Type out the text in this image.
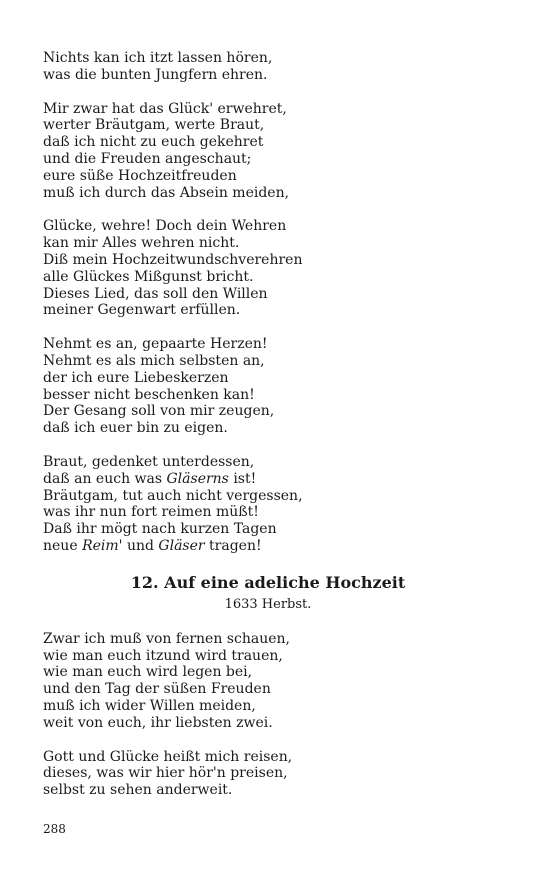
Nichts kan ich itzt lassen hören,
was die bunten Jungfern ehren.
Mir zwar hat das Glück' erwehret,
werter Bräutgam, werte Braut,
daß ich nicht zu euch gekehret
und die Freuden angeschaut;
eure süße Hochzeitfreuden
muß ich durch das Absein meiden,
Glücke, wehre! Doch dein Wehren
kan mir Alles wehren nicht.
Diß mein Hochzeitwundschverehren
alle Glückes Mißgunst bricht.
Dieses Lied, das soll den Willen
meiner Gegenwart erfüllen.
Nehmt es an, gepaarte Herzen!
Nehmt es als mich selbsten an,
der ich eure Liebeskerzen
besser nicht beschenken kan!
Der Gesang soll von mir zeugen,
daß ich euer bin zu eigen.
Braut, gedenket unterdessen,
daß an euch was Gläserns ist!
Bräutgam, tut auch nicht vergessen,
was ihr nun fort reimen müßt!
Daß ihr mögt nach kurzen Tagen
neue Reim' und Gläser tragen!
12. Auf eine adeliche Hochzeit
1633 Herbst.
Zwar ich muß von fernen schauen,
wie man euch itzund wird trauen,
wie man euch wird legen bei,
und den Tag der süßen Freuden
muß ich wider Willen meiden,
weit von euch, ihr liebsten zwei.
Gott und Glücke heißt mich reisen,
dieses, was wir hier hör'n preisen,
selbst zu sehen anderweit.
288
